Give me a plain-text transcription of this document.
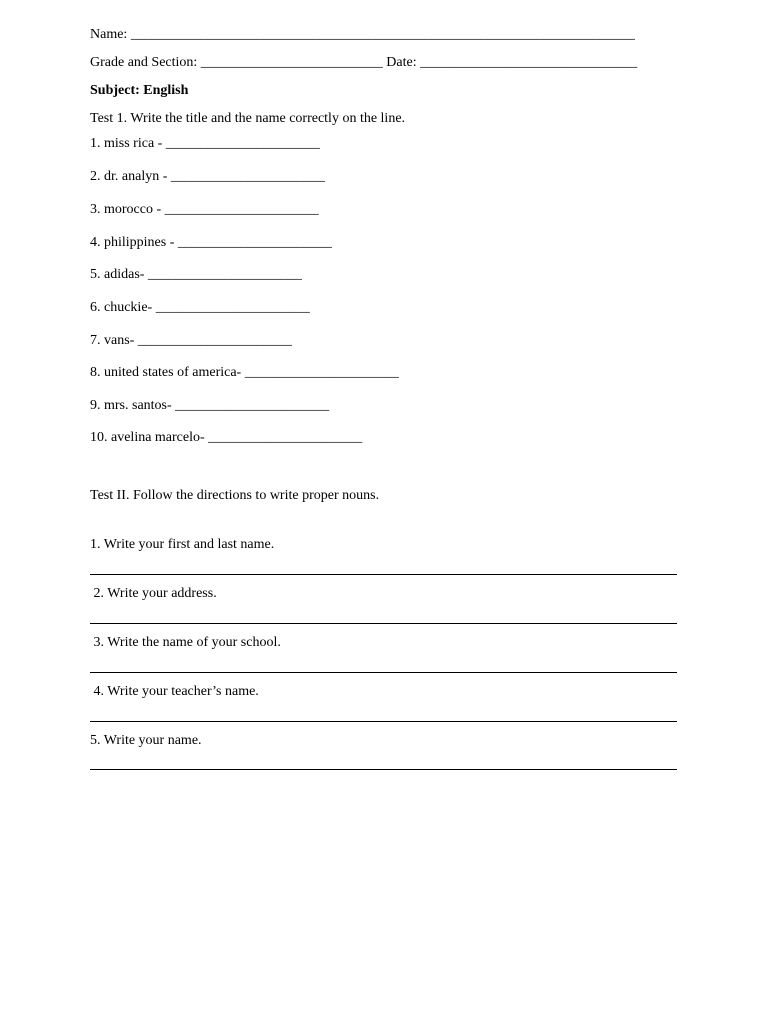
Name: ________________________________________________________________________
Grade and Section: __________________________ Date: _______________________________
Subject: English
Test 1. Write the title and the name correctly on the line.
1. miss rica - ______________________
2. dr. analyn - ______________________
3. morocco - ______________________
4. philippines - ______________________
5. adidas- ______________________
6. chuckie- ______________________
7. vans- ______________________
8. united states of america- ______________________
9. mrs. santos- ______________________
10. avelina marcelo- ______________________
Test II. Follow the directions to write proper nouns.
1. Write your first and last name.
2. Write your address.
3. Write the name of your school.
4. Write your teacher’s name.
5. Write your name.
